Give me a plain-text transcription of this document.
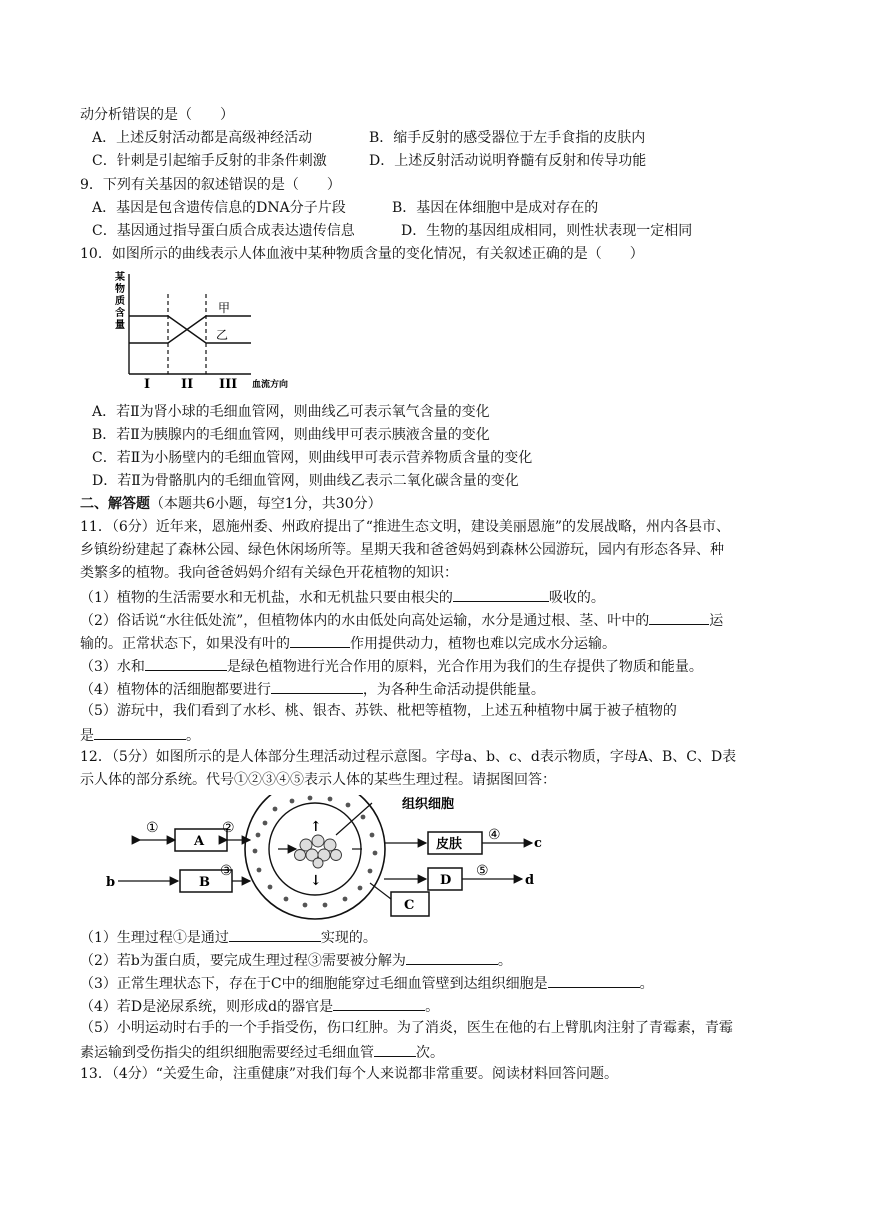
动分析错误的是（　　）
A．上述反射活动都是高级神经活动	B．缩手反射的感受器位于左手食指的皮肤内
C．针刺是引起缩手反射的非条件刺激	D．上述反射活动说明脊髓有反射和传导功能
9．下列有关基因的叙述错误的是（　　）
A．基因是包含遗传信息的DNA分子片段	B．基因在体细胞中是成对存在的
C．基因通过指导蛋白质合成表达遗传信息	D．生物的基因组成相同，则性状表现一定相同
10．如图所示的曲线表示人体血液中某种物质含量的变化情况，有关叙述正确的是（　　）
某
物
质
含
量
甲
乙
I II III 血流方向
A．若Ⅱ为肾小球的毛细血管网，则曲线乙可表示氧气含量的变化
B．若Ⅱ为胰腺内的毛细血管网，则曲线甲可表示胰液含量的变化
C．若Ⅱ为小肠壁内的毛细血管网，则曲线甲可表示营养物质含量的变化
D．若Ⅱ为骨骼肌内的毛细血管网，则曲线乙表示二氧化碳含量的变化
二、解答题（本题共6小题，每空1分，共30分）
11．（6分）近年来，恩施州委、州政府提出了“推进生态文明，建设美丽恩施”的发展战略，州内各县市、
乡镇纷纷建起了森林公园、绿色休闲场所等。星期天我和爸爸妈妈到森林公园游玩，园内有形态各异、种
类繁多的植物。我向爸爸妈妈介绍有关绿色开花植物的知识：
（1）植物的生活需要水和无机盐，水和无机盐只要由根尖的	吸收的。
（2）俗话说“水往低处流”，但植物体内的水由低处向高处运输，水分是通过根、茎、叶中的	运
输的。正常状态下，如果没有叶的	作用提供动力，植物也难以完成水分运输。
（3）水和	是绿色植物进行光合作用的原料，光合作用为我们的生存提供了物质和能量。
（4）植物体的活细胞都要进行	，为各种生命活动提供能量。
（5）游玩中，我们看到了水杉、桃、银杏、苏铁、枇杷等植物，上述五种植物中属于被子植物的
是	。
12．（5分）如图所示的是人体部分生理活动过程示意图。字母a、b、c、d表示物质，字母A、B、C、D表
示人体的部分系统。代号①②③④⑤表示人体的某些生理过程。请据图回答：
↑
↓
组织细胞
A
B
皮肤
D
C
①	②
b
③
④
c
⑤
d
（1）生理过程①是通过	实现的。
（2）若b为蛋白质，要完成生理过程③需要被分解为	。
（3）正常生理状态下，存在于C中的细胞能穿过毛细血管壁到达组织细胞是	。
（4）若D是泌尿系统，则形成d的器官是	。
（5）小明运动时右手的一个手指受伤，伤口红肿。为了消炎，医生在他的右上臂肌肉注射了青霉素，青霉
素运输到受伤指尖的组织细胞需要经过毛细血管	次。
13．（4分）“关爱生命，注重健康”对我们每个人来说都非常重要。阅读材料回答问题。
